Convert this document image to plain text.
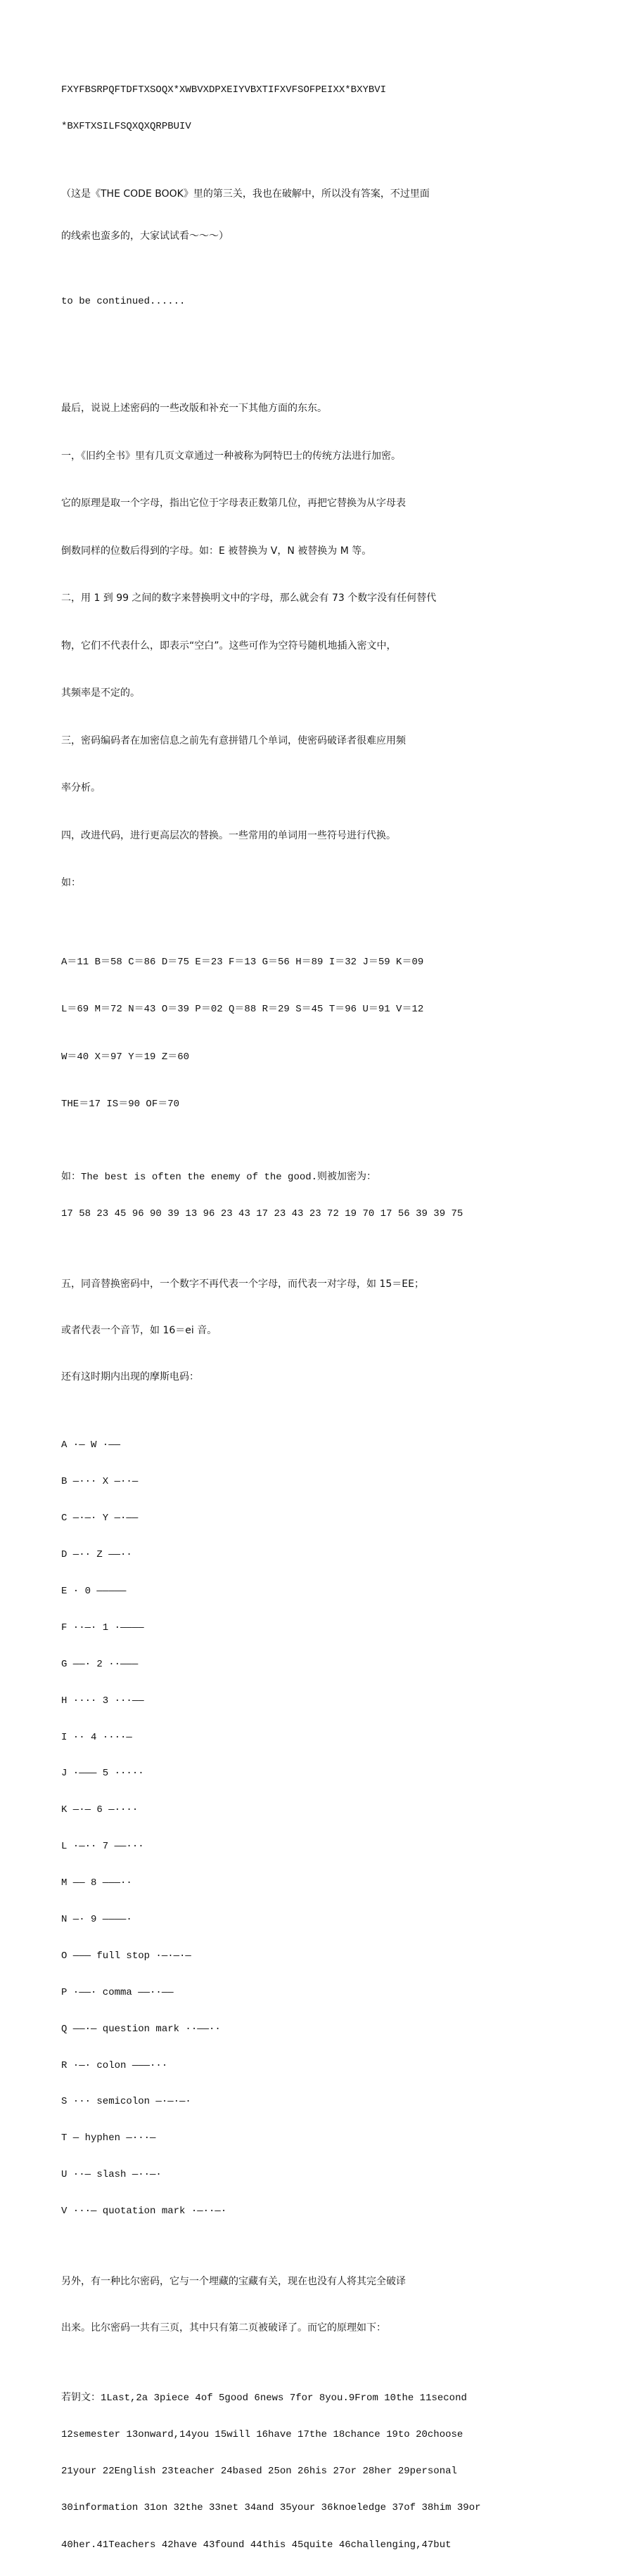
FXYFBSRPQFTDFTXSOQX*XWBVXDPXEIYVBXTIFXVFSOFPEIXX*BXYBVI

*BXFTXSILFSQXQXQRPBUIV

（这是《THE CODE BOOK》里的第三关，我也在破解中，所以没有答案，不过里面

的线索也蛮多的，大家试试看～～～）

to be continued......

最后，说说上述密码的一些改版和补充一下其他方面的东东。

一，《旧约全书》里有几页文章通过一种被称为阿特巴士的传统方法进行加密。

它的原理是取一个字母，指出它位于字母表正数第几位，再把它替换为从字母表

倒数同样的位数后得到的字母。如：E 被替换为 V，N 被替换为 M 等。

二，用 1 到 99 之间的数字来替换明文中的字母，那么就会有 73 个数字没有任何替代

物，它们不代表什么，即表示“空白”。这些可作为空符号随机地插入密文中，

其频率是不定的。

三，密码编码者在加密信息之前先有意拼错几个单词，使密码破译者很难应用频

率分析。

四，改进代码，进行更高层次的替换。一些常用的单词用一些符号进行代换。

如：

A＝11 B＝58 C＝86 D＝75 E＝23 F＝13 G＝56 H＝89 I＝32 J＝59 K＝09

L＝69 M＝72 N＝43 O＝39 P＝02 Q＝88 R＝29 S＝45 T＝96 U＝91 V＝12

W＝40 X＝97 Y＝19 Z＝60

THE＝17 IS＝90 OF＝70

如：The best is often the enemy of the good.则被加密为：

17 58 23 45 96 90 39 13 96 23 43 17 23 43 23 72 19 70 17 56 39 39 75

五，同音替换密码中，一个数字不再代表一个字母，而代表一对字母，如 15＝EE；

或者代表一个音节，如 16＝ei 音。

还有这时期内出现的摩斯电码：

A ·— W ·——

B —··· X —··—

C —·—· Y —·——

D —·· Z ——··

E · 0 —————

F ··—· 1 ·————

G ——· 2 ··———

H ···· 3 ···——

I ·· 4 ····—

J ·——— 5 ·····

K —·— 6 —····

L ·—·· 7 ——···

M —— 8 ———··

N —· 9 ————·

O ——— full stop ·—·—·—

P ·——· comma ——··——

Q ——·— question mark ··——··

R ·—· colon ———···

S ··· semicolon —·—·—·

T — hyphen —···—

U ··— slash —··—·

V ···— quotation mark ·—··—·

另外，有一种比尔密码，它与一个埋藏的宝藏有关，现在也没有人将其完全破译

出来。比尔密码一共有三页，其中只有第二页被破译了。而它的原理如下：

若钥文：1Last,2a 3piece 4of 5good 6news 7for 8you.9From 10the 11second

12semester 13onward,14you 15will 16have 17the 18chance 19to 20choose

21your 22English 23teacher 24based 25on 26his 27or 28her 29personal

30information 31on 32the 33net 34and 35your 36knoeledge 37of 38him 39or

40her.41Teachers 42have 43found 44this 45quite 46challenging,47but
